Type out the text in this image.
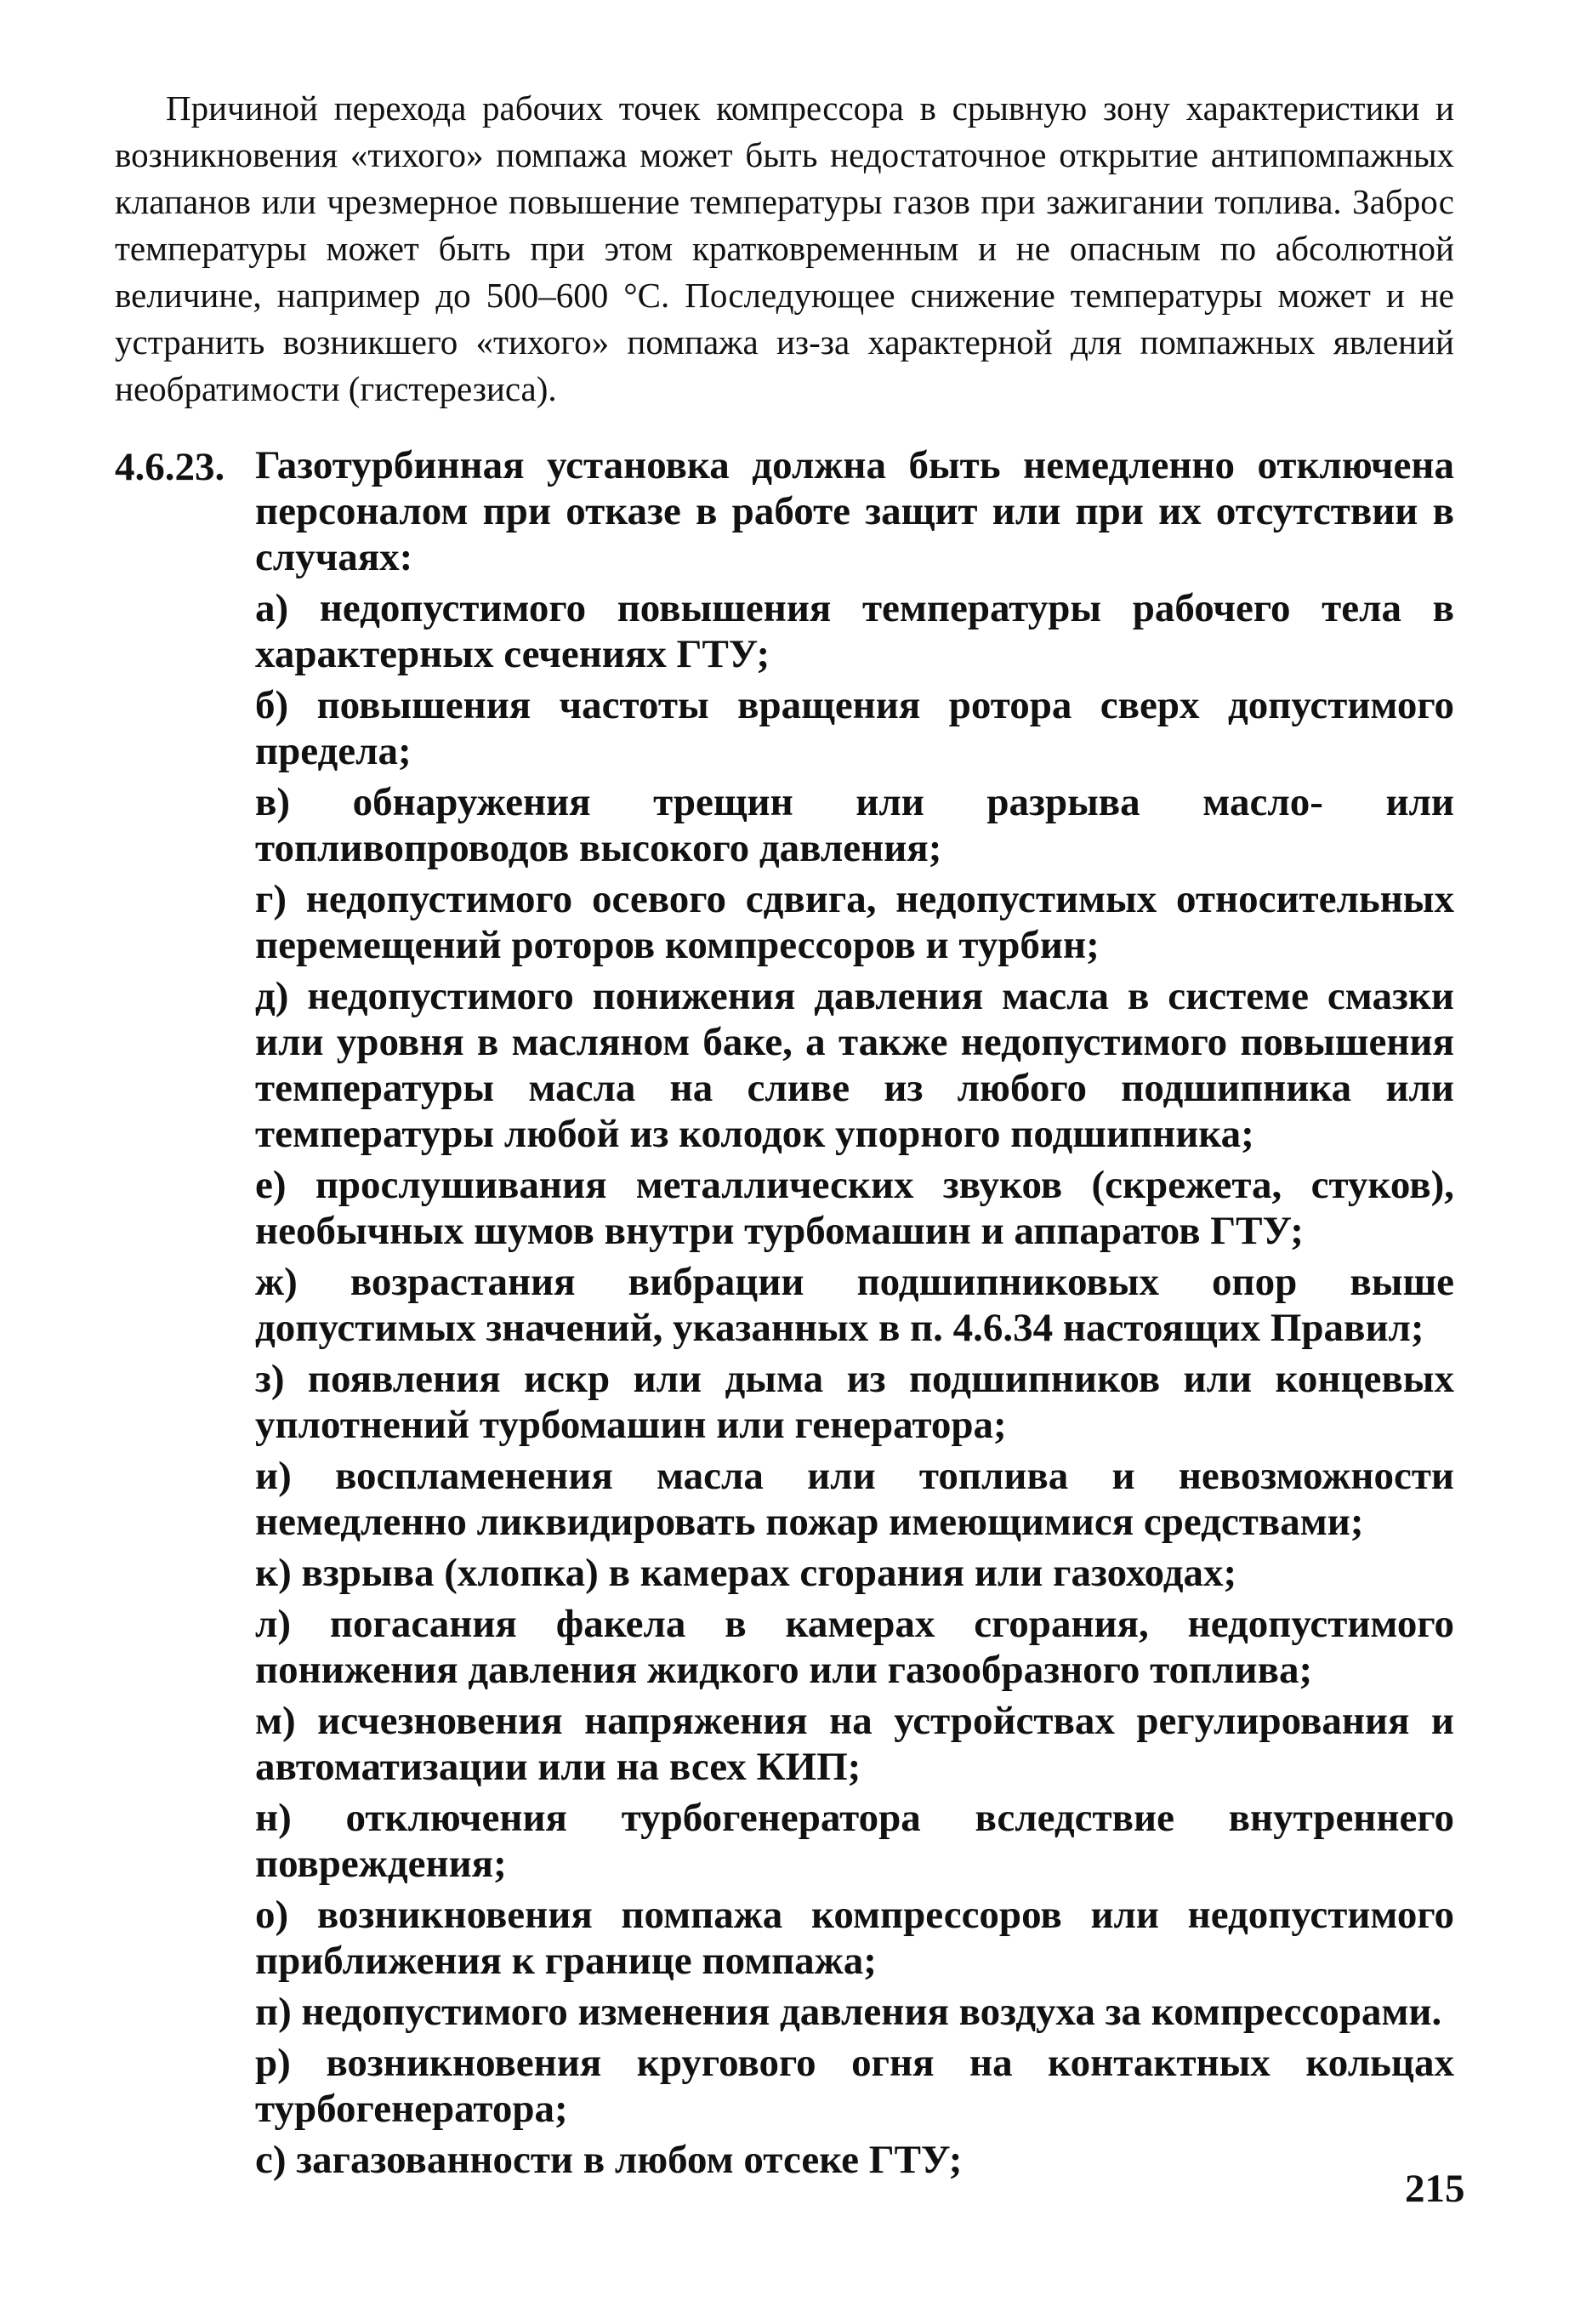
Причиной перехода рабочих точек компрессора в срывную зону характеристики и возникновения «тихого» помпажа может быть недостаточное открытие антипомпажных клапанов или чрезмерное повышение температуры газов при зажигании топлива. Заброс температуры может быть при этом кратковременным и не опасным по абсолютной величине, например до 500–600 °С. Последующее снижение температуры может и не устранить возникшего «тихого» помпажа из-за характерной для помпажных явлений необратимости (гистерезиса).

4.6.23. Газотурбинная установка должна быть немедленно отключена персоналом при отказе в работе защит или при их отсутствии в случаях:

а) недопустимого повышения температуры рабочего тела в характерных сечениях ГТУ;
б) повышения частоты вращения ротора сверх допустимого предела;
в) обнаружения трещин или разрыва масло- или топливопроводов высокого давления;
г) недопустимого осевого сдвига, недопустимых относительных перемещений роторов компрессоров и турбин;
д) недопустимого понижения давления масла в системе смазки или уровня в масляном баке, а также недопустимого повышения температуры масла на сливе из любого подшипника или температуры любой из колодок упорного подшипника;
е) прослушивания металлических звуков (скрежета, стуков), необычных шумов внутри турбомашин и аппаратов ГТУ;
ж) возрастания вибрации подшипниковых опор выше допустимых значений, указанных в п. 4.6.34 настоящих Правил;
з) появления искр или дыма из подшипников или концевых уплотнений турбомашин или генератора;
и) воспламенения масла или топлива и невозможности немедленно ликвидировать пожар имеющимися средствами;
к) взрыва (хлопка) в камерах сгорания или газоходах;
л) погасания факела в камерах сгорания, недопустимого понижения давления жидкого или газообразного топлива;
м) исчезновения напряжения на устройствах регулирования и автоматизации или на всех КИП;
н) отключения турбогенератора вследствие внутреннего повреждения;
о) возникновения помпажа компрессоров или недопустимого приближения к границе помпажа;
п) недопустимого изменения давления воздуха за компрессорами.
р) возникновения кругового огня на контактных кольцах турбогенератора;
с) загазованности в любом отсеке ГТУ;
215
